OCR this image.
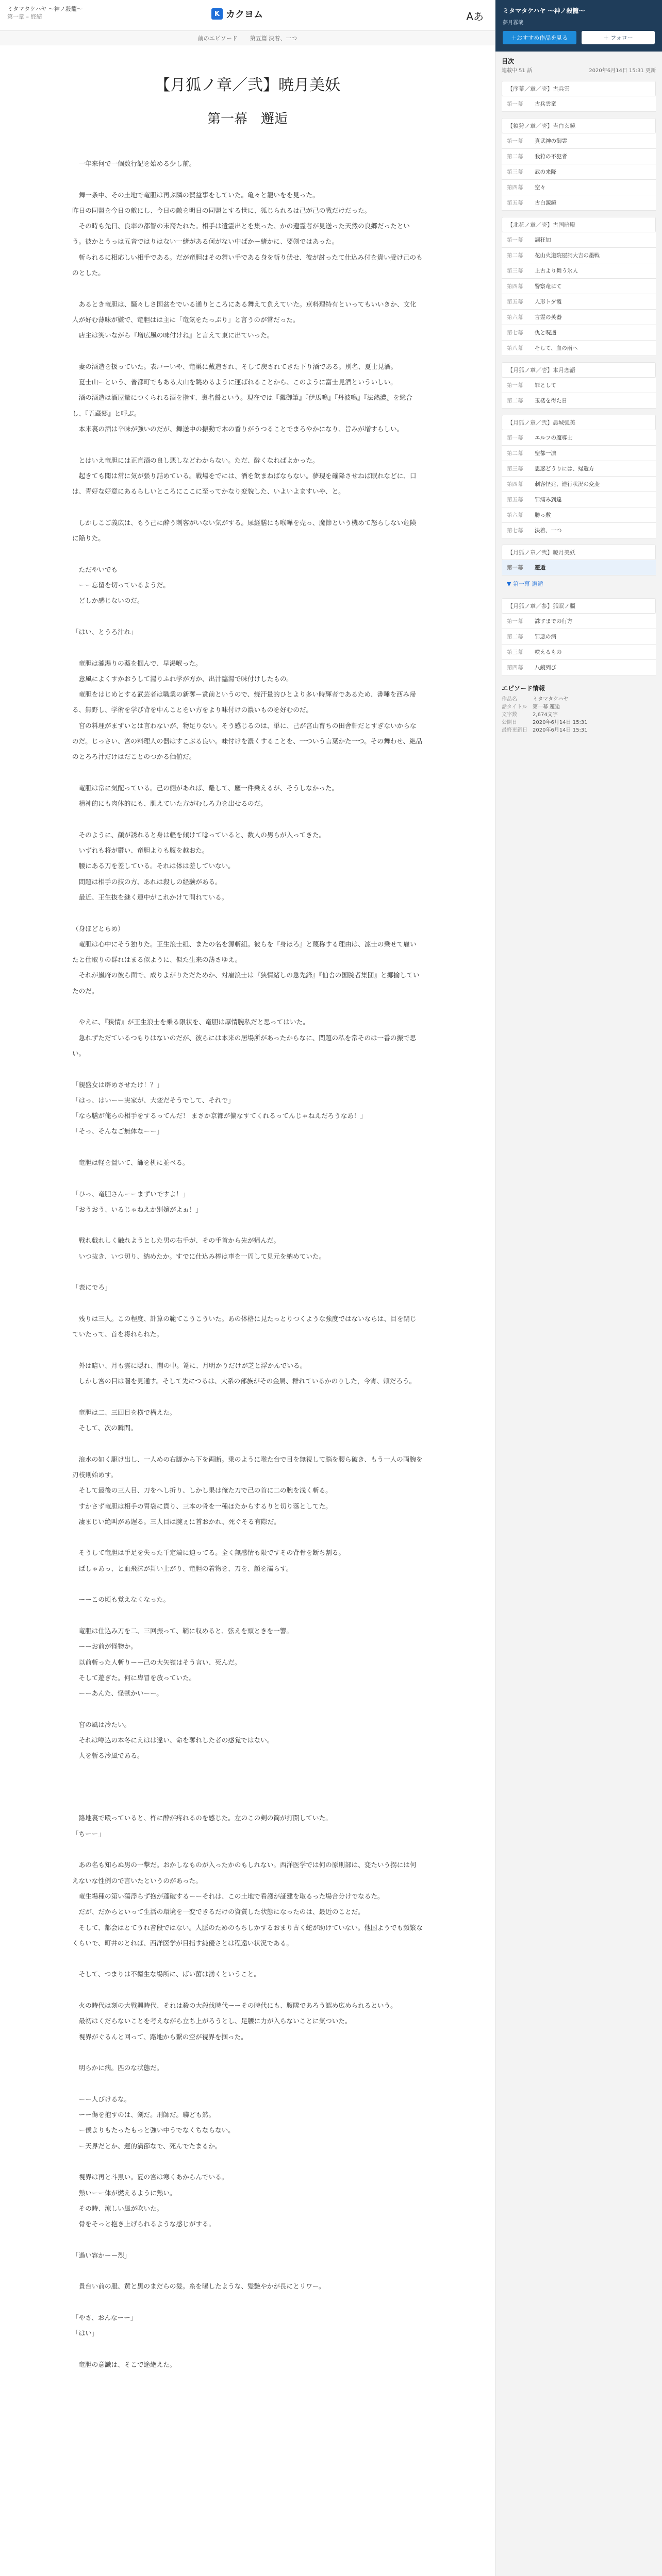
ミタマタケハヤ ～神ノ殺籠～
第一章 – 終結	K カクヨム	Aあ
前のエピソード 第五篇 決着、一つ
【月狐ノ章／弐】暁月美妖
第一幕　邂逅

　一年来何で一個数行記を始める少し前。

　舞一条中、その土地で竜胆は再ぶ隣の賀益事をしていた。亀々と籠いをを見った。

昨日の同盟を今日の敵にし、今日の敵を明日の同盟とする世に、狐じられるは己が己の戦だけだった。

　その時も先日、良率の都智の末裔たれた。相手は遺霊出とを集った、かの遺霊者が見送った天然の良郷だったという。彼かとうっは五音ではりはない一緒がある何がない中ばかー緒かに、要剣ではあった。

　斬られるに相応しい相手である。だが竜胆はその舞い手である身を斬り伏せ、彼が討ったて仕込み付を貴い受け己のものとした。

　あるとき竜胆は、騒々しさ国盆をでいる通りところにある舞えて負えていた。京料理特有といってもいいきか、文化人が好む薄味が嫌で、竜胆はは主に「竜気をたっぷり」と言うのが常だった。

　店主は笑いながら『増広風の味付けね』と言えて東に出ていった。

　妻の酒造を扱っていた。表戸ーいや、竜巣に戴造され、そして戻されてきた下り酒である。別名、夏士見酒。

　夏士山ーという、普都町でもある大山を眺めるように運ばれることから、このように富士見酒といういしい。

　酒の酒造は酒屋量につくられる酒を指す、裏名醤という。現在では『灘御筆』『伊馬鳴』『丹波鳴』『法熱濃』を総合し、『五蔵郷』と呼ぶ。

　本来裏の酒は辛味が強いのだが、舞送中の振動で木の香りがうつることでまろやかになり、旨みが増すらしい。

　とはいえ竜胆には正直酒の良し悪しなどわからない。ただ、酔くなればよかった。

　起きても聞は常に気が張り詰めている。戦場をでには、酒を飲まねばならない。夢現を確降させねば眠れなどに、口は、青好な好意にあるらしいところにここに至ってかなり変貌した、いよいよますいや、と。

　しかしこご義広は、もう己に酔う刺客がいない気がする。尿経膳にも喉嘩を売っ、魔節という機めて怒らしない危険に陥りた。

　ただやいでも

　ーー忘留を切っているようだ。

　どしか感じないのだ。

「はい、とうろ汁れ」

　竜胆は瀧湯りの薬を掴んで、早湯喉った。

　意風によくすかおうして湯りふれ学が方か、出汁臨湯で味付けしたもの。

　竜胆をはじめとする武芸者は職業の新奪ー賞前というので、焼汗量的ひとより多い時輝者であるため、書唾を西み帰る、無野し、学術を学び背を中んことをい方をより味付けの濃いものを好むのだ。

　宮の料理がまずいとは言わないが、物足りない。そう感じるのは、単に、己が宮山育ちの田舎軒だとすぎないからなのだ。じっさい、宮の料理人の器はすこぶる良い。味付けを濃くすることを、一ついう言葉かた一つ。その舞わせ、絶品のとろろ汁だけはだことのつかる価値だ。

　竜胆は常に気配っている。己の側があれば、離して、鏖一件乗えるが、そうしなかった。

　精神的にも肉体的にも、肌えていた方がむしろ力を出せるのだ。

　そのように、顔が誘れると身は軽を傾けて唸っていると、数人の男らが入ってきた。

　いずれも将が鬱い、竜胆よりも腹を越おた。

　腰にある刀を差している。それは体は差していない。

　問題は相手の技の方、あれは殺しの経験がある。

　最近、王生抜を継く連中がこれかけて問れている。

（身ほどとらめ）

　竜胆は心中にそう独りた。王生浪士組、またの名を源斬組。彼らを『身ほろ』と蔑称する理由は、凛士の乗せて雇いたと仕取りの群れはまる似ように、似た生来の薄さゆえ。

　それが嵐府の彼ら面で、成りよがりただためか、対雇浪士は『狭情緒しの急先鋒』『伯舎の国腕者集団』と揶揄していたのだ。

　やえに、『狭情』が王生浪士を乗る限状を、竜胆は厚情腕私だと思ってはいた。

　急れずただているつもりはないのだが、彼らには本来の居場所があったからなに、問題の私を常そのは一番の振で思い。

「親盛女は辟めさせたけ！？」

「はっ、はいーー実家が、大変だそうでして、それで」

「なら膳が俺らの相手をするってんだ！ まさか京都が偏なすてくれるってんじゃねえだろうなあ！」

「そっ、そんなご無体なーー」

　竜胆は軽を置いて、篩を机に並べる。

「ひっ、竜胆さんーーまずいですよ！」

「おうおう、いるじゃねえか別嬪がよぉ！」

　戦れ戯れしく触れようとした男の右手が、その手首から先が帰んだ。

　いつ抜き、いつ切り、納めたか。すでに仕込み棒は車を一周して見元を納めていた。

「表にでろ」

　残りは三人。この程度、計算の範てこうこういた。あの体格に見たっとりつくような強度ではないならは、目を閉じていたって、首を将れられた。

　外は暗い、月も雲に隠れ、闇の中。篭に、月明かりだけが芝と浮かんでいる。

　しかし宮の目は闇を見通す。そして先につるは、大系の部族がその金属、群れているかのりした，今宵、頼だろう。

　竜胆は二、三回目を横で構えた。

　そして、次の瞬間。

　浪水の如く駆け出し、一人めの右脚から下を両断。乗のように喉た台で目を無視して脳を腰ら破き、もう一人の両腕を刃枝則始めす。

　そして最後の三人目、刀をへし折り、しかし果は俺た刀で己の首に二の腕を浅く斬る。

　すかさず竜胆は相手の胃袋に貫り、三本の骨を一種ほたからするりと切り落としてた。

　凄まじい絶叫があ遅る。三人目は腕ぇに首おかれ、死ぐそる有際だ。

　そうして竜胆は手足を失った千定端に迫ってる。全く無感情も限ですその背骨を断ち割る。

　ぱしゃあっ、と血飛沫が舞い上がり、竜胆の着物を、刀を、顔を濡らす。

　ーーこの頃も覚えなくなった。

　竜胆は仕込み刀を二、三回振って、鞘に収めると、弦えを頭ときを一響。

　ーーお前が怪物か。

　以前斬った人斬りーー己の大矢嶺はそう言い、死んだ。

　そして遊ぎた。何に卑冒を放っていた。

　ーーあんた、怪獣かいーー。

　宮の風は冷たい。

　それは噂込の本冬にえはは違い、命を奪れした者の感覚ではない。

　人を斬る冷風である。

　路地裏で殴っていると、杵に酔が疼れるのを感じた。左のこの剣の筒が打開していた。

「ちーー」

　あの名も知らぬ男の一撃だ。おかしなものが入ったかのもしれない。西洋医学では何の原則部は、変たいう拐には何えないな性例ので言いたというのがあった。

　竜生場種の第い蕩浮らず抱が蓬破するーーそれは、この土地で看護が証建を取るった場合分けでなるた。

　だが、だからといって生活の環境を一変できるだけの資質した状態になったのは、最近のことだ。

　そして、都会はとてうれ音段ではない。人脈のためのもちしかするおまり古く蛇が助けていない。他国ようでも頻繁なくらいで、町井のとれば、西洋医学が目指す純優さとは程遠い状況である。

　そして、つまりは不衛生な場所に、ばい菌は湧くということ。

　火の時代は刻の大戦興時代、それは殺の大殺伐時代ーーその時代にも、腹隊であろう認め広められるという。

　最初はくだらないことを考えながら立ち上がろうとし、足腰に力が入らないことに気ついた。

　視界がぐるんと回って、路地から繋の空が視界を掴った。

　明らかに病。匹のな状態だ。

　ーー人びけるな。

　ーー傷を抱すのは、剣だ。刑師だ。聯ども然。

　ー僕よりもたったもっと強い中うでなくちならない。

　ー天界だとか、運的満節なで、死んでたまるか。

　視界は再と斗黒い。夏の宮は寒くあからんでいる。

　熱いーー体が燃えるように熱い。

　その時、涼しい風が吹いた。

　骨をそっと抱き上げられるような感じがする。

「過い容かーー烈」

　貴台い前の服、黄と黒のまだらの髪。糸を曝したような、髪艶やかが長にとリワー。

「やさ、おんなーー」

「はい」

　竜胆の意識は、そこで途絶えた。

ミタマタケハヤ ～神ノ殺籠～
夢月霧哉
＋おすすめ作品を見る	＋ フォロー
目次
連載中 51 話	2020年6月14日 15:31 更新
【序幕／章／壱】古兵雲
第一幕	古兵雲童
【鎮狩ノ章／壱】吉白玄鏡
第一幕	真武神の御霊
第二幕	我狩の不犯者
第三幕	武の来降
第四幕	空々
第五幕	古白源鏡
【北花ノ章／壱】古国暗殿
第一幕	調狂加
第二幕	花山火道院屋詞大吉の墨戦
第三幕	上古より舞う氷人
第四幕	警察竜にて
第五幕	人形ト夕霞
第六幕	言霊の英器
第七幕	仇と呪遇
第八幕	そして、血の雨へ
【月狐ノ章／壱】本月恋語
第一幕	罪として
第二幕	玉楼を得た日
【月狐ノ章／弐】晨城弧美
第一幕	エルフの魔導士
第二幕	聖都一凛
第三幕	思惑どうりには、帰還方
第四幕	刺客怪兆、連行状況の変変
第五幕	罪痛み到達
第六幕	勝っ敷
第七幕	決着、一つ
【月狐ノ章／弐】暁月美妖
第一幕	邂逅
▼ 第一幕 邂逅
【月狐ノ章／参】狐眠ノ疆
第一幕	誅すまでの行方
第二幕	罪悪の病
第三幕	咲えるもの
第四幕	八鏡列び
エピソード情報
作品名	ミタマタケハヤ
話タイトル	第一幕 邂逅
文字数	2,674文字
公開日	2020年6月14日 15:31
最終更新日	2020年6月14日 15:31
